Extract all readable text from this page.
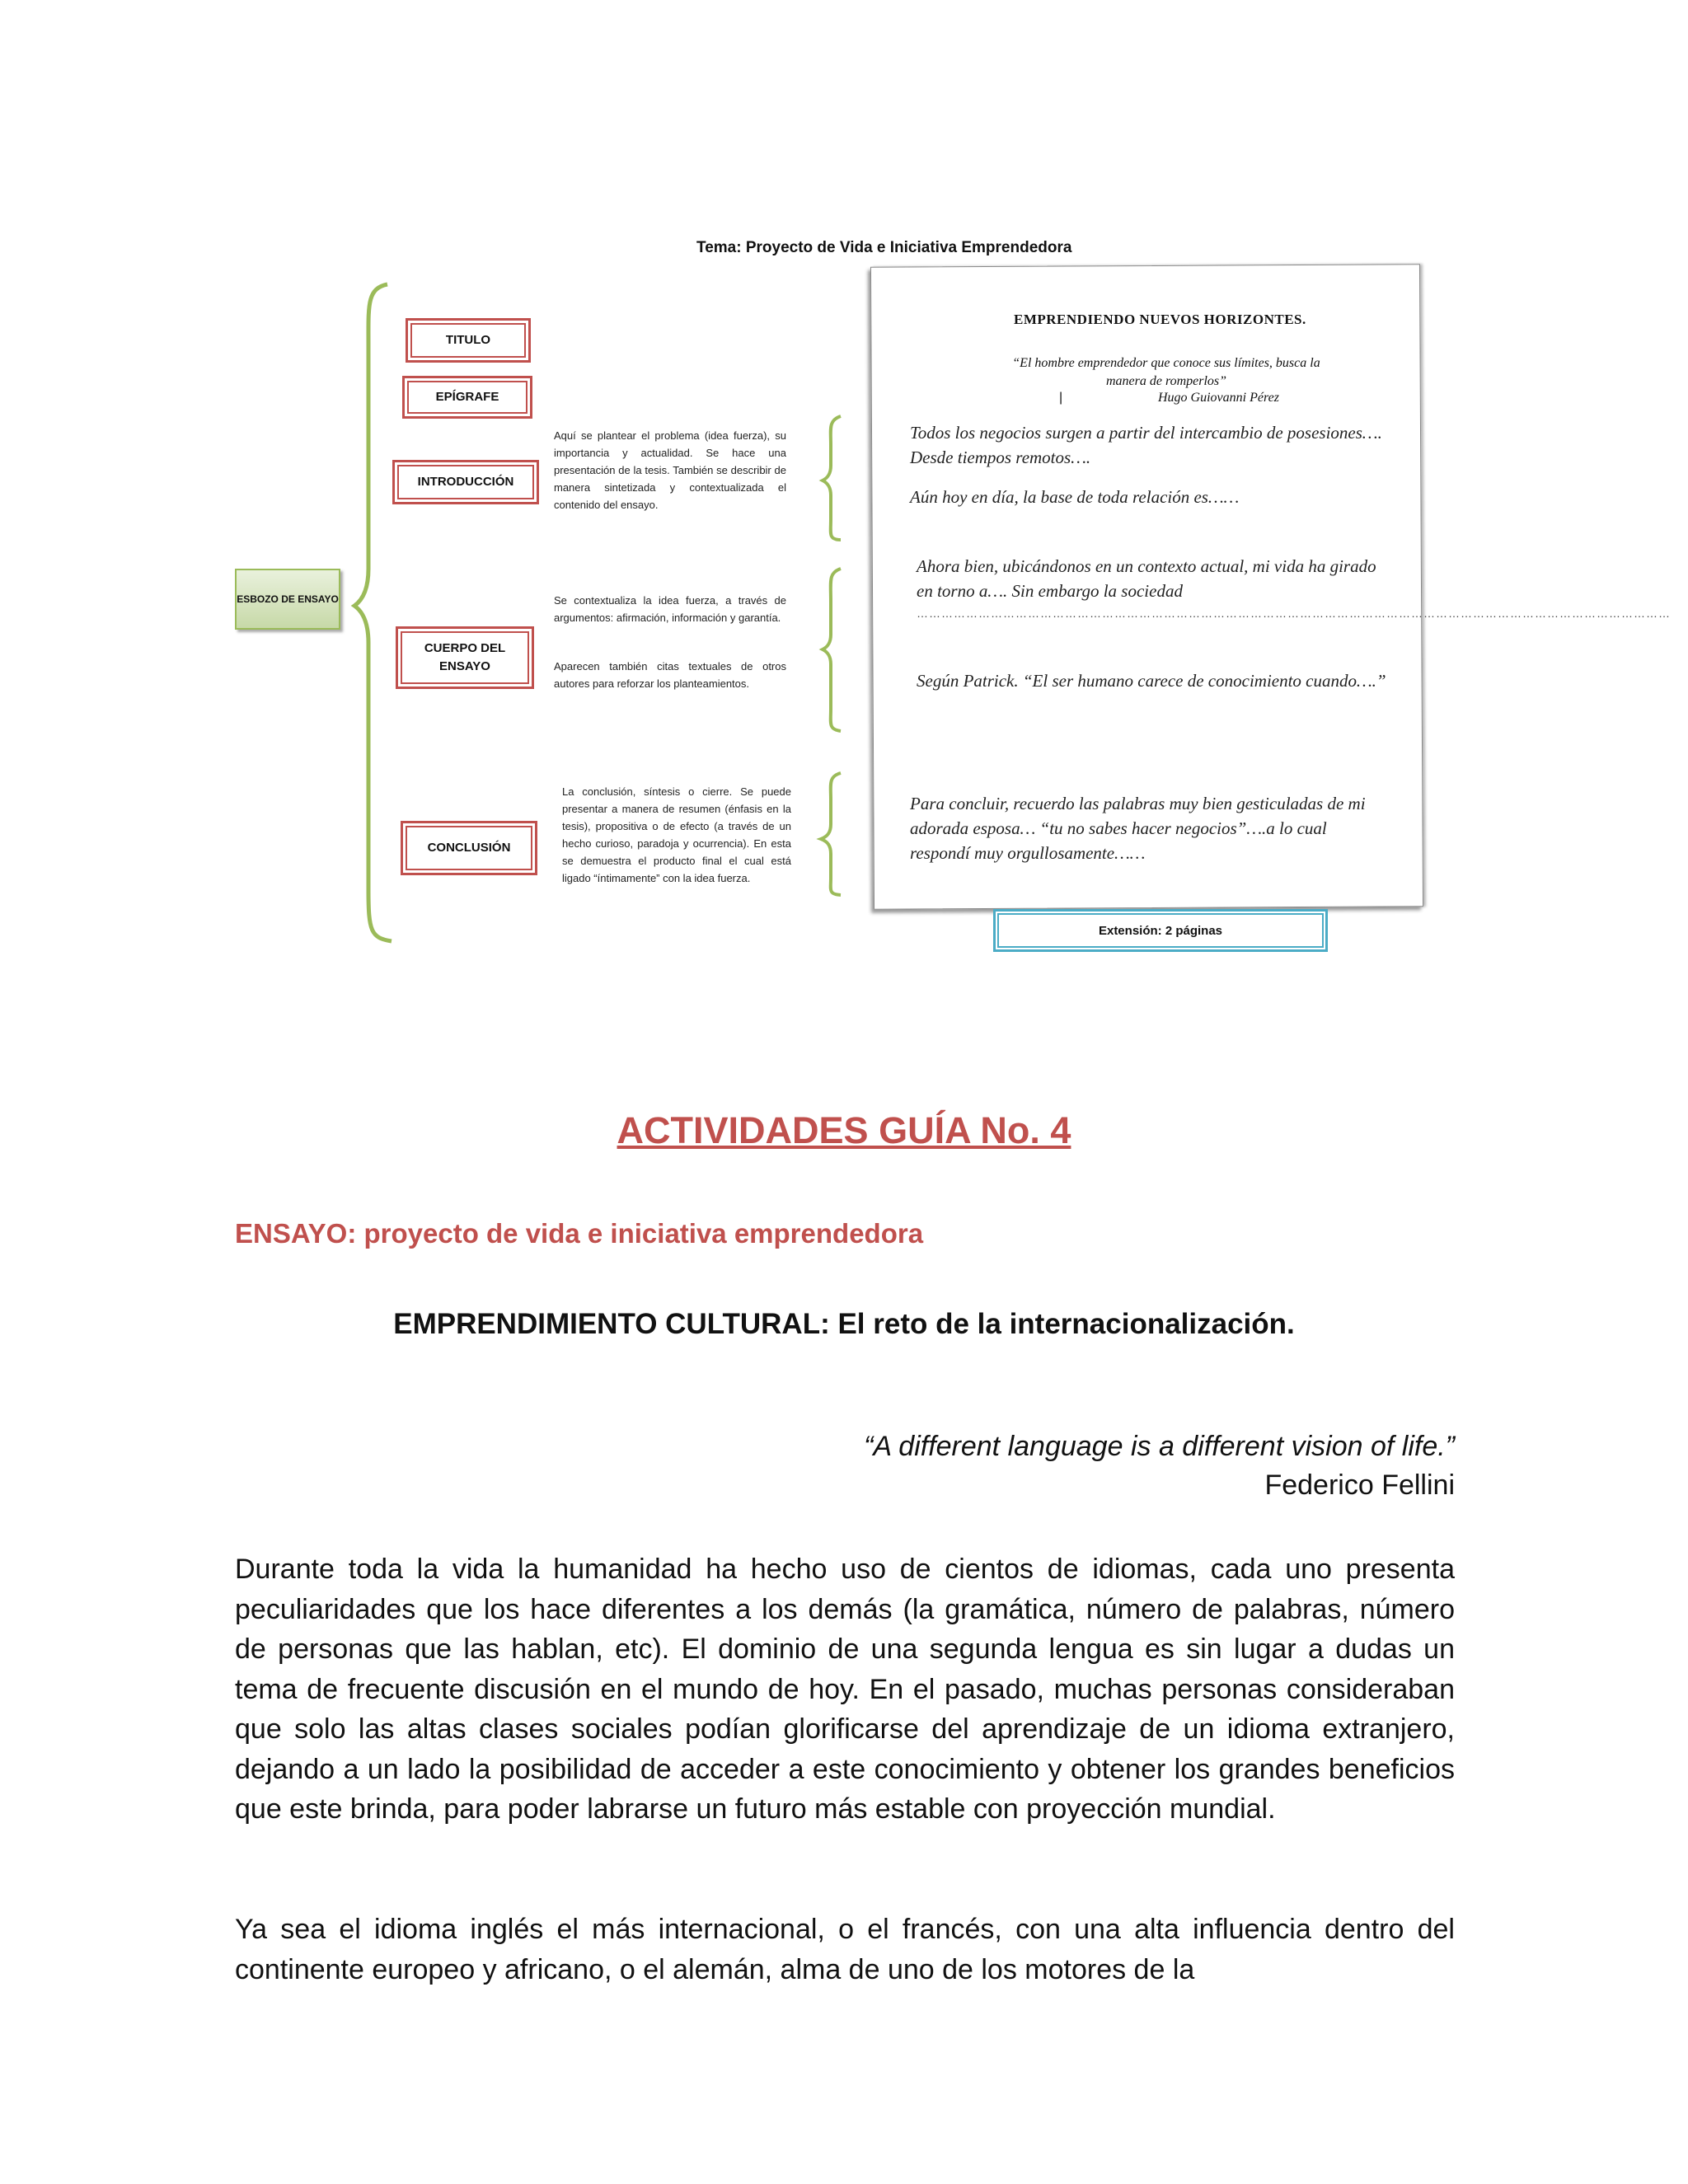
Tema: Proyecto de Vida e Iniciativa Emprendedora
ESBOZO DE ENSAYO
TITULO
EPÍGRAFE
INTRODUCCIÓN
CUERPO DEL ENSAYO
CONCLUSIÓN
Aquí se plantear el problema (idea fuerza), su importancia y actualidad. Se hace una presentación de la tesis. También se describir de manera sintetizada y contextualizada el contenido del ensayo.
Se contextualiza la idea fuerza, a través de argumentos: afirmación, información y garantía.
Aparecen también citas textuales de otros autores para reforzar los planteamientos.
La conclusión, síntesis o cierre. Se puede presentar a manera de resumen (énfasis en la tesis), propositiva o de efecto (a través de un hecho curioso, paradoja y ocurrencia). En esta se demuestra el producto final el cual está ligado “íntimamente” con la idea fuerza.
EMPRENDIENDO NUEVOS HORIZONTES.
“El hombre emprendedor que conoce sus límites, busca la manera de romperlos”
|	Hugo Guiovanni Pérez
Todos los negocios surgen a partir del intercambio de posesiones…. Desde tiempos remotos….
Aún hoy en día, la base de toda relación es……
Ahora bien, ubicándonos en un contexto actual, mi vida ha girado en torno a…. Sin embargo la sociedad
…………………………………………………………………………………………………………………………………………………………………
Según Patrick. “El ser humano carece de conocimiento cuando….”
Para concluir, recuerdo las palabras muy bien gesticuladas de mi adorada esposa… “tu no sabes hacer negocios”….a lo cual respondí muy orgullosamente……
Extensión: 2 páginas
ACTIVIDADES GUÍA No. 4
ENSAYO: proyecto de vida e iniciativa emprendedora
EMPRENDIMIENTO CULTURAL: El reto de la internacionalización.
“A different language is a different vision of life.”
Federico Fellini

Durante toda la vida la humanidad ha hecho uso de cientos de idiomas, cada uno presenta peculiaridades que los hace diferentes a los demás (la gramática, número de palabras, número de personas que las hablan, etc). El dominio de una segunda lengua es sin lugar a dudas un tema de frecuente discusión en el mundo de hoy. En el pasado, muchas personas consideraban que solo las altas clases sociales podían glorificarse del aprendizaje de un idioma extranjero, dejando a un lado la posibilidad de acceder a este conocimiento y obtener los grandes beneficios que este brinda, para poder labrarse un futuro más estable con proyección mundial.

Ya sea el idioma inglés el más internacional, o el francés, con una alta influencia dentro del continente europeo y africano, o el alemán, alma de uno de los motores de la
